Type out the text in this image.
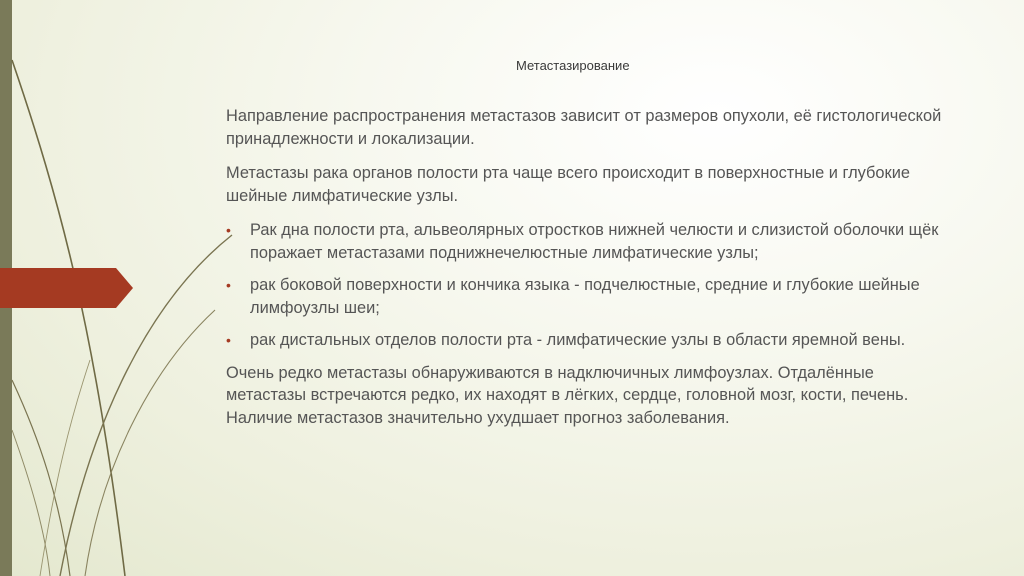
Метастазирование

Направление распространения метастазов зависит от размеров опухоли, её гистологической принадлежности и локализации.

Метастазы рака органов полости рта чаще всего происходит в поверхностные и глубокие шейные лимфатические узлы.

• Рак дна полости рта, альвеолярных отростков нижней челюсти и слизистой оболочки щёк поражает метастазами поднижнечелюстные лимфатические узлы;
• рак боковой поверхности и кончика языка - подчелюстные, средние и глубокие шейные лимфоузлы шеи;
• рак дистальных отделов полости рта - лимфатические узлы в области яремной вены.

Очень редко метастазы обнаруживаются в надключичных лимфоузлах. Отдалённые метастазы встречаются редко, их находят в лёгких, сердце, головной мозг, кости, печень. Наличие метастазов значительно ухудшает прогноз заболевания.
